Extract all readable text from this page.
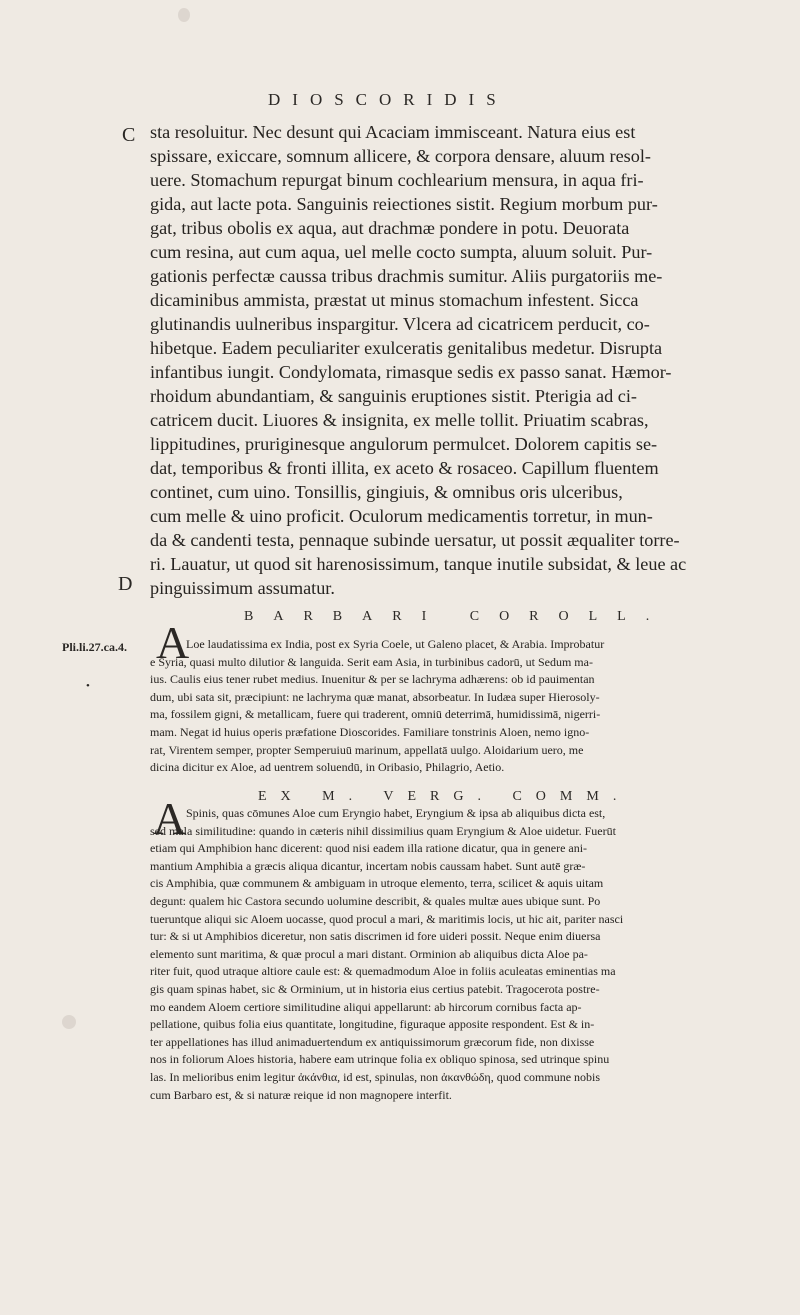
DIOSCORIDIS
C
D
Pli.li.27.ca.4.
•
sta resoluitur. Nec desunt qui Acaciam immisceant. Natura eius est
spissare, exiccare, somnum allicere, & corpora densare, aluum resol-
uere. Stomachum repurgat binum cochlearium mensura, in aqua fri-
gida, aut lacte pota. Sanguinis reiectiones sistit. Regium morbum pur-
gat, tribus obolis ex aqua, aut drachmæ pondere in potu. Deuorata
cum resina, aut cum aqua, uel melle cocto sumpta, aluum soluit. Pur-
gationis perfectæ caussa tribus drachmis sumitur. Aliis purgatoriis me-
dicaminibus ammista, præstat ut minus stomachum infestent. Sicca
glutinandis uulneribus inspargitur. Vlcera ad cicatricem perducit, co-
hibetque. Eadem peculiariter exulceratis genitalibus medetur. Disrupta
infantibus iungit. Condylomata, rimasque sedis ex passo sanat. Hæmor-
rhoidum abundantiam, & sanguinis eruptiones sistit. Pterigia ad ci-
catricem ducit. Liuores & insignita, ex melle tollit. Priuatim scabras,
lippitudines, pruriginesque angulorum permulcet. Dolorem capitis se-
dat, temporibus & fronti illita, ex aceto & rosaceo. Capillum fluentem
continet, cum uino. Tonsillis, gingiuis, & omnibus oris ulceribus,
cum melle & uino proficit. Oculorum medicamentis torretur, in mun-
da & candenti testa, pennaque subinde uersatur, ut possit æqualiter torre-
ri. Lauatur, ut quod sit harenosissimum, tanque inutile subsidat, & leue ac
pinguissimum assumatur.
BARBARI COROLL.
A
Loe laudatissima ex India, post ex Syria Coele, ut Galeno placet, & Arabia. Improbatur
e Syria, quasi multo dilutior & languida. Serit eam Asia, in turbinibus cadorū, ut Sedum ma-
ius. Caulis eius tener rubet medius. Inuenitur & per se lachryma adhærens: ob id pauimentan
dum, ubi sata sit, præcipiunt: ne lachryma quæ manat, absorbeatur. In Iudæa super Hierosoly-
ma, fossilem gigni, & metallicam, fuere qui traderent, omniū deterrimā, humidissimā, nigerri-
mam. Negat id huius operis præfatione Dioscorides. Familiare tonstrinis Aloen, nemo igno-
rat, Virentem semper, propter Semperuiuū marinum, appellatā uulgo. Aloidarium uero, me
dicina dicitur ex Aloe, ad uentrem soluendū, in Oribasio, Philagrio, Aetio.
EX M. VERG. COMM.
A Spinis, quas cōmunes Aloe cum Eryngio habet, Eryngium & ipsa ab aliquibus dicta est,
sed mala similitudine: quando in cæteris nihil dissimilius quam Eryngium & Aloe uidetur. Fuerūt
etiam qui Amphibion hanc dicerent: quod nisi eadem illa ratione dicatur, qua in genere ani-
mantium Amphibia a græcis aliqua dicantur, incertam nobis caussam habet. Sunt autē græ-
cis Amphibia, quæ communem & ambiguam in utroque elemento, terra, scilicet & aquis uitam
degunt: qualem hic Castora secundo uolumine describit, & quales multæ aues ubique sunt. Po
tueruntque aliqui sic Aloem uocasse, quod procul a mari, & maritimis locis, ut hic ait, pariter nasci
tur: & si ut Amphibios diceretur, non satis discrimen id fore uideri possit. Neque enim diuersa
elemento sunt maritima, & quæ procul a mari distant. Orminion ab aliquibus dicta Aloe pa-
riter fuit, quod utraque altiore caule est: & quemadmodum Aloe in foliis aculeatas eminentias ma
gis quam spinas habet, sic & Orminium, ut in historia eius certius patebit. Tragocerota postre-
mo eandem Aloem certiore similitudine aliqui appellarunt: ab hircorum cornibus facta ap-
pellatione, quibus folia eius quantitate, longitudine, figuraque apposite respondent. Est & in-
ter appellationes has illud animaduertendum ex antiquissimorum græcorum fide, non dixisse
nos in foliorum Aloes historia, habere eam utrinque folia ex obliquo spinosa, sed utrinque spinu
las. In melioribus enim legitur ἀκάνθια, id est, spinulas, non ἀκανθώδη, quod commune nobis
cum Barbaro est, & si naturæ reique id non magnopere interfit.
